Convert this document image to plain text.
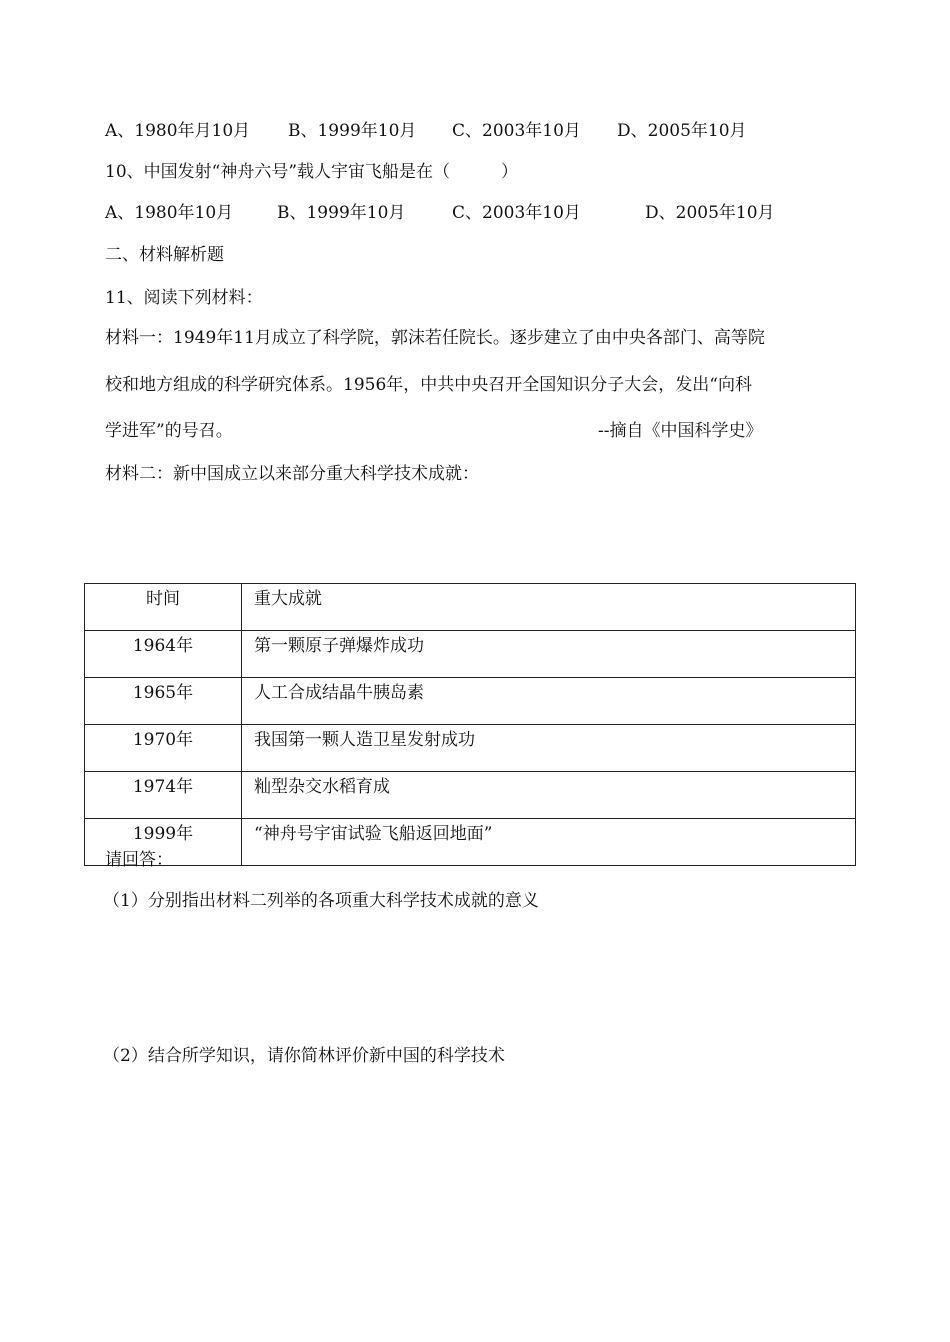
A、1980年月10月 B、1999年10月 C、2003年10月 D、2005年10月
10、中国发射“神舟六号”载人宇宙飞船是在（　　　）
A、1980年10月	B、1999年10月	C、2003年10月	D、2005年10月
二、材料解析题
11、阅读下列材料：
材料一：1949年11月成立了科学院，郭沫若任院长。逐步建立了由中央各部门、高等院
校和地方组成的科学研究体系。1956年，中共中央召开全国知识分子大会，发出“向科
学进军”的号召。	--摘自《中国科学史》
材料二：新中国成立以来部分重大科学技术成就：
时间	重大成就
1964年	第一颗原子弹爆炸成功
1965年	人工合成结晶牛胰岛素
1970年	我国第一颗人造卫星发射成功
1974年	籼型杂交水稻育成
1999年	“神舟号宇宙试验飞船返回地面”
请回答：
（1）分别指出材料二列举的各项重大科学技术成就的意义
（2）结合所学知识，请你简林评价新中国的科学技术
